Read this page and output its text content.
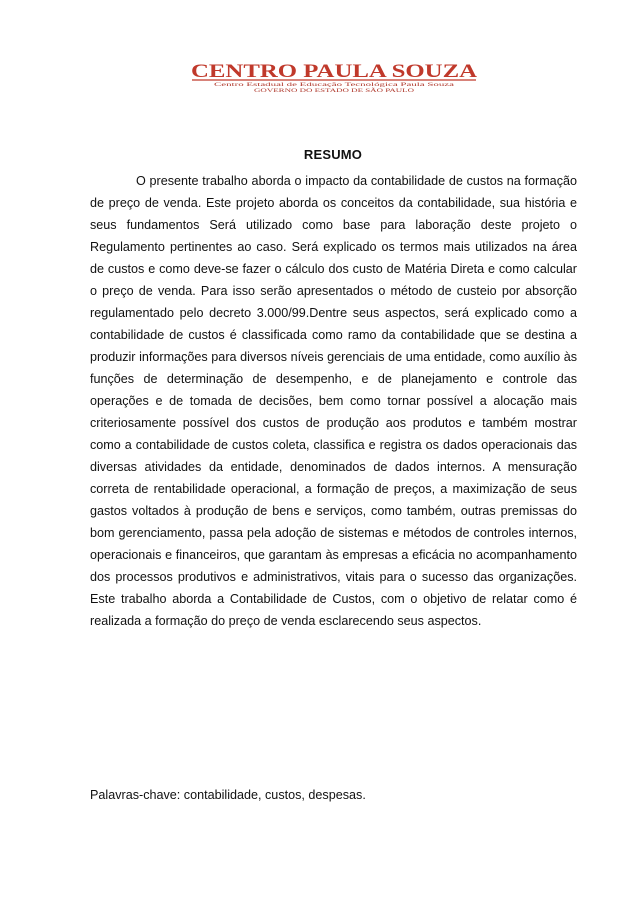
CENTRO PAULA SOUZA
Centro Estadual de Educação Tecnológica Paula Souza
GOVERNO DO ESTADO DE SÃO PAULO
RESUMO

O presente trabalho aborda o impacto da contabilidade de custos na formação de preço de venda. Este projeto aborda os conceitos da contabilidade, sua história e seus fundamentos Será utilizado como base para laboração deste projeto o Regulamento pertinentes ao caso. Será explicado os termos mais utilizados na área de custos e como deve-se fazer o cálculo dos custo de Matéria Direta e como calcular o preço de venda. Para isso serão apresentados o método de custeio por absorção regulamentado pelo decreto 3.000/99.Dentre seus aspectos, será explicado como a contabilidade de custos é classificada como ramo da contabilidade que se destina a produzir informações para diversos níveis gerenciais de uma entidade, como auxílio às funções de determinação de desempenho, e de planejamento e controle das operações e de tomada de decisões, bem como tornar possível a alocação mais criteriosamente possível dos custos de produção aos produtos e também mostrar como a contabilidade de custos coleta, classifica e registra os dados operacionais das diversas atividades da entidade, denominados de dados internos. A mensuração correta de rentabilidade operacional, a formação de preços, a maximização de seus gastos voltados à produção de bens e serviços, como também, outras premissas do bom gerenciamento, passa pela adoção de sistemas e métodos de controles internos, operacionais e financeiros, que garantam às empresas a eficácia no acompanhamento dos processos produtivos e administrativos, vitais para o sucesso das organizações. Este trabalho aborda a Contabilidade de Custos, com o objetivo de relatar como é realizada a formação do preço de venda esclarecendo seus aspectos.

Palavras-chave: contabilidade, custos, despesas.
